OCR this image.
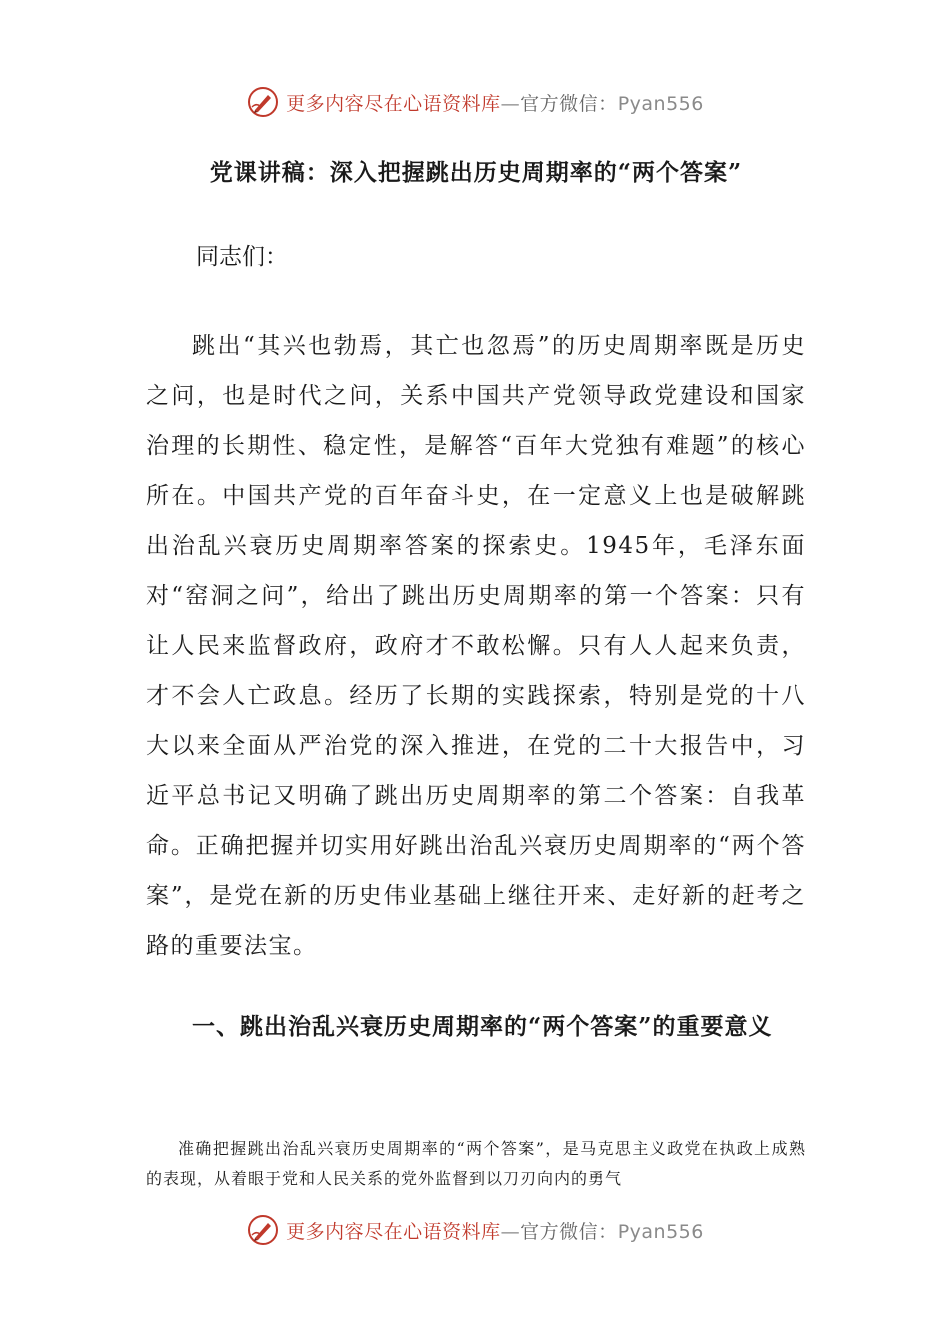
更多内容尽在心语资料库—官方微信：Pyan556
党课讲稿：深入把握跳出历史周期率的“两个答案”
同志们：

跳出“其兴也勃焉，其亡也忽焉”的历史周期率既是历史之问，也是时代之问，关系中国共产党领导政党建设和国家治理的长期性、稳定性，是解答“百年大党独有难题”的核心所在。中国共产党的百年奋斗史，在一定意义上也是破解跳出治乱兴衰历史周期率答案的探索史。1945年，毛泽东面对“窑洞之问”，给出了跳出历史周期率的第一个答案：只有让人民来监督政府，政府才不敢松懈。只有人人起来负责，才不会人亡政息。经历了长期的实践探索，特别是党的十八大以来全面从严治党的深入推进，在党的二十大报告中，习近平总书记又明确了跳出历史周期率的第二个答案：自我革命。正确把握并切实用好跳出治乱兴衰历史周期率的“两个答案”，是党在新的历史伟业基础上继往开来、走好新的赶考之路的重要法宝。

一、跳出治乱兴衰历史周期率的“两个答案”的重要意义

准确把握跳出治乱兴衰历史周期率的“两个答案”，是马克思主义政党在执政上成熟的表现，从着眼于党和人民关系的党外监督到以刀刃向内的勇气

更多内容尽在心语资料库—官方微信：Pyan556
